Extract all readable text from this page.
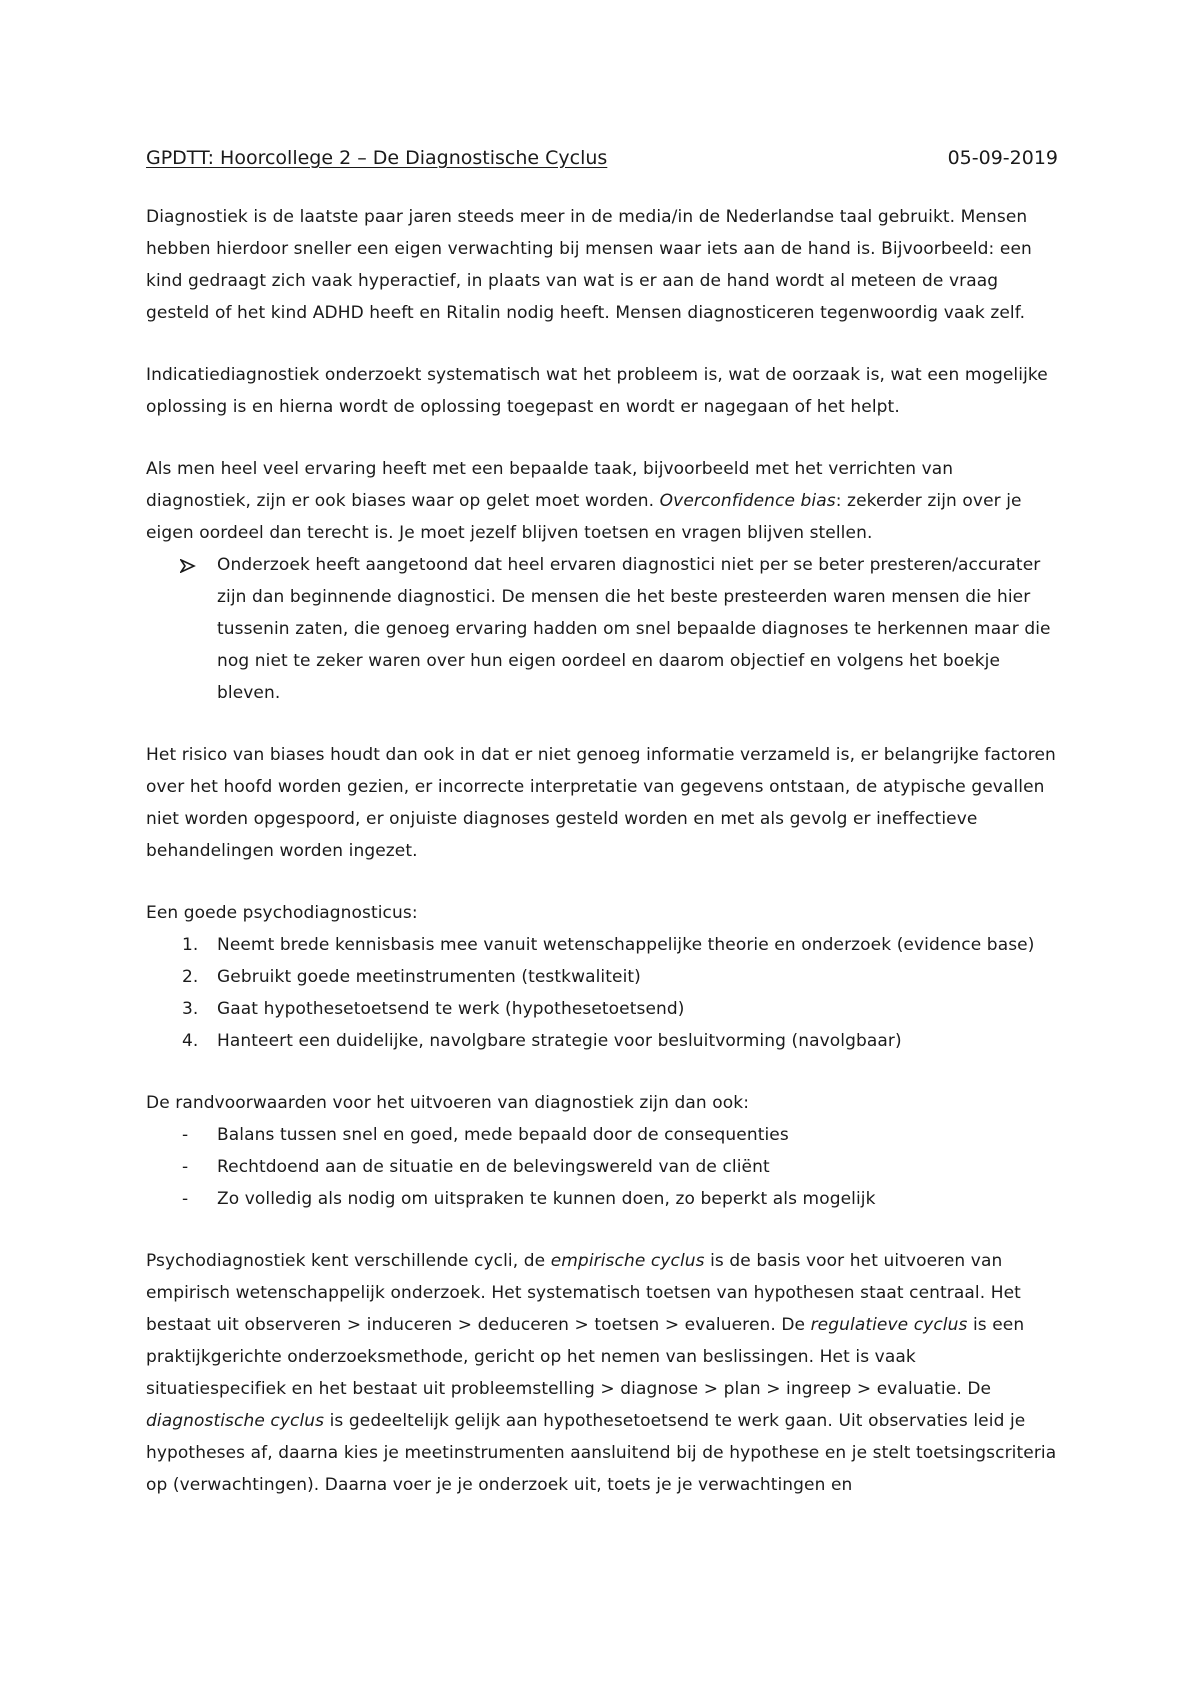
GPDTT: Hoorcollege 2 – De Diagnostische Cyclus	05-09-2019

Diagnostiek is de laatste paar jaren steeds meer in de media/in de Nederlandse taal gebruikt. Mensen hebben hierdoor sneller een eigen verwachting bij mensen waar iets aan de hand is. Bijvoorbeeld: een kind gedraagt zich vaak hyperactief, in plaats van wat is er aan de hand wordt al meteen de vraag gesteld of het kind ADHD heeft en Ritalin nodig heeft. Mensen diagnosticeren tegenwoordig vaak zelf.

Indicatiediagnostiek onderzoekt systematisch wat het probleem is, wat de oorzaak is, wat een mogelijke oplossing is en hierna wordt de oplossing toegepast en wordt er nagegaan of het helpt.

Als men heel veel ervaring heeft met een bepaalde taak, bijvoorbeeld met het verrichten van diagnostiek, zijn er ook biases waar op gelet moet worden. Overconfidence bias: zekerder zijn over je eigen oordeel dan terecht is. Je moet jezelf blijven toetsen en vragen blijven stellen.

Onderzoek heeft aangetoond dat heel ervaren diagnostici niet per se beter presteren/accurater zijn dan beginnende diagnostici. De mensen die het beste presteerden waren mensen die hier tussenin zaten, die genoeg ervaring hadden om snel bepaalde diagnoses te herkennen maar die nog niet te zeker waren over hun eigen oordeel en daarom objectief en volgens het boekje bleven.

Het risico van biases houdt dan ook in dat er niet genoeg informatie verzameld is, er belangrijke factoren over het hoofd worden gezien, er incorrecte interpretatie van gegevens ontstaan, de atypische gevallen niet worden opgespoord, er onjuiste diagnoses gesteld worden en met als gevolg er ineffectieve behandelingen worden ingezet.

Een goede psychodiagnosticus:

1.	Neemt brede kennisbasis mee vanuit wetenschappelijke theorie en onderzoek (evidence base)
2.	Gebruikt goede meetinstrumenten (testkwaliteit)
3.	Gaat hypothesetoetsend te werk (hypothesetoetsend)
4.	Hanteert een duidelijke, navolgbare strategie voor besluitvorming (navolgbaar)

De randvoorwaarden voor het uitvoeren van diagnostiek zijn dan ook:

-	Balans tussen snel en goed, mede bepaald door de consequenties
-	Rechtdoend aan de situatie en de belevingswereld van de cliënt
-	Zo volledig als nodig om uitspraken te kunnen doen, zo beperkt als mogelijk

Psychodiagnostiek kent verschillende cycli, de empirische cyclus is de basis voor het uitvoeren van empirisch wetenschappelijk onderzoek. Het systematisch toetsen van hypothesen staat centraal. Het bestaat uit observeren > induceren > deduceren > toetsen > evalueren. De regulatieve cyclus is een praktijkgerichte onderzoeksmethode, gericht op het nemen van beslissingen. Het is vaak situatiespecifiek en het bestaat uit probleemstelling > diagnose > plan > ingreep > evaluatie. De diagnostische cyclus is gedeeltelijk gelijk aan hypothesetoetsend te werk gaan. Uit observaties leid je hypotheses af, daarna kies je meetinstrumenten aansluitend bij de hypothese en je stelt toetsingscriteria op (verwachtingen). Daarna voer je je onderzoek uit, toets je je verwachtingen en
